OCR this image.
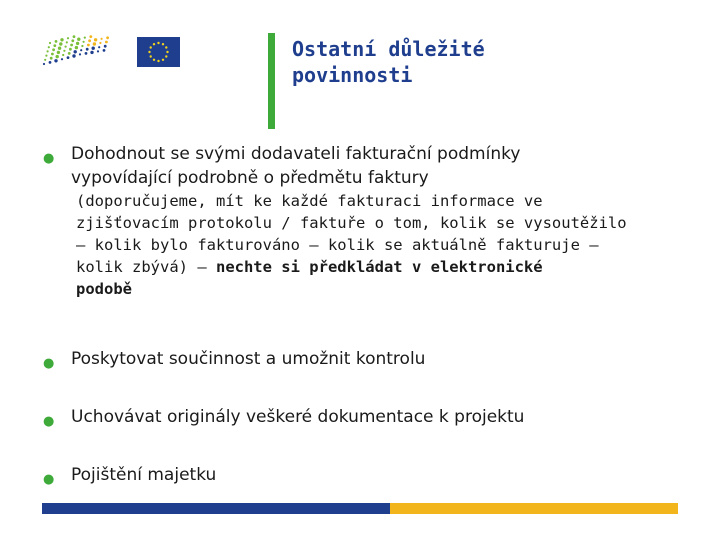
Ostatní důležité
povinnosti
● Dohodnout se svými dodavateli fakturační podmínky
vypovídající podrobně o předmětu faktury
(doporučujeme, mít ke každé fakturaci informace ve
zjišťovacím protokolu / faktuře o tom, kolik se vysoutěžilo
– kolik bylo fakturováno – kolik se aktuálně fakturuje –
kolik zbývá) – nechte si předkládat v elektronické
podobě
● Poskytovat součinnost a umožnit kontrolu
● Uchovávat originály veškeré dokumentace k projektu
● Pojištění majetku
